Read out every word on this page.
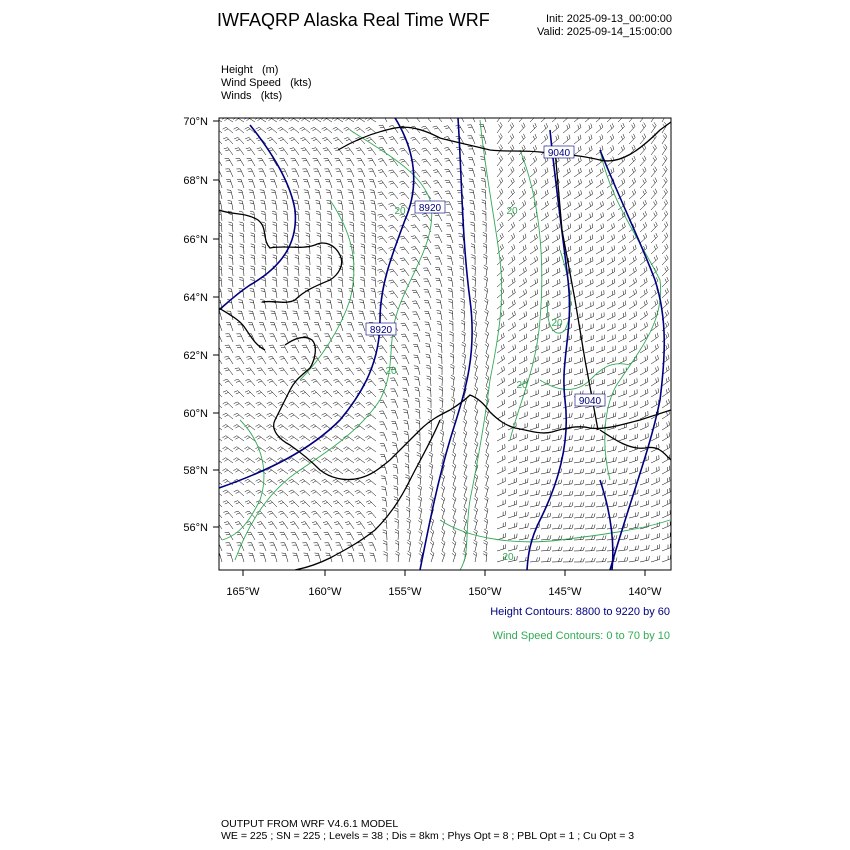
IWFAQRP Alaska Real Time WRF	Init: 2025-09-13_00:00:00
Valid: 2025-09-14_15:00:00
Height (m)
Wind Speed (kts)
Winds (kts)
8920
8920
9040
9040
20	20
20
20
20
20
165°W	160°W	155°W	150°W	145°W	140°W
70°N
68°N
66°N
64°N
62°N
60°N
58°N
56°N
Height Contours: 8800 to 9220 by 60
Wind Speed Contours: 0 to 70 by 10
OUTPUT FROM WRF V4.6.1 MODEL
WE = 225 ; SN = 225 ; Levels = 38 ; Dis = 8km ; Phys Opt = 8 ; PBL Opt = 1 ; Cu Opt = 3
